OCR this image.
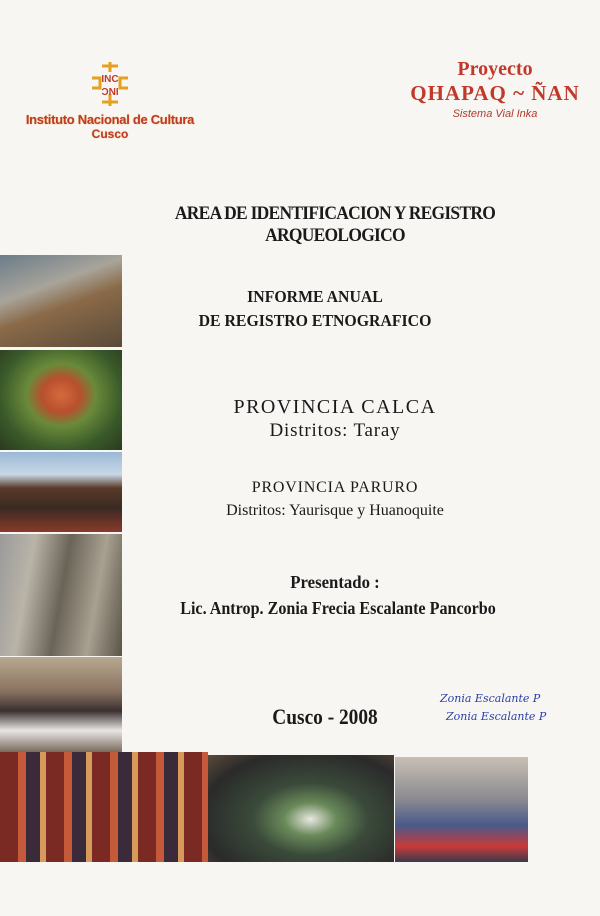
INC
INC
Instituto Nacional de Cultura
Cusco
Proyecto
QHAPAQ ~ ÑAN
Sistema Vial Inka
AREA DE IDENTIFICACION Y REGISTRO ARQUEOLOGICO
INFORME ANUAL
DE REGISTRO ETNOGRAFICO
PROVINCIA CALCA
Distritos: Taray
PROVINCIA PARURO
Distritos: Yaurisque y Huanoquite
Presentado :
Lic. Antrop. Zonia Frecia Escalante Pancorbo
Cusco - 2008
Zonia Escalante P
Zonia Escalante P
